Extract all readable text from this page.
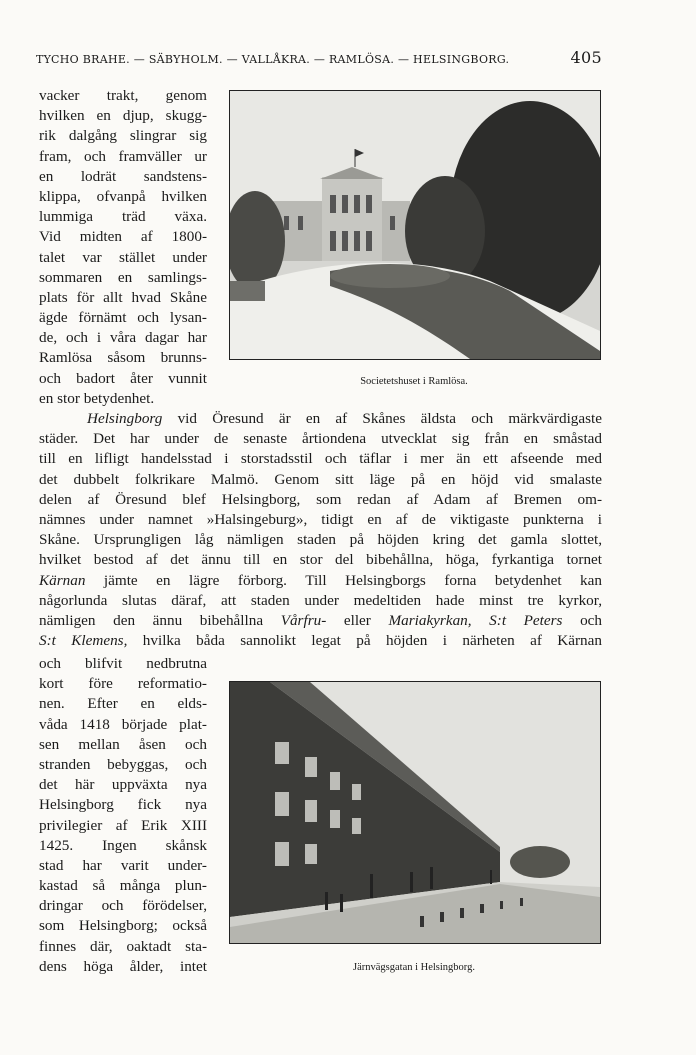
TYCHO BRAHE. — SÄBYHOLM. — VALLÅKRA. — RAMLÖSA. — HELSINGBORG.	405
Societetshuset i Ramlösa.
vacker trakt, genom
hvilken en djup, skugg-
rik dalgång slingrar sig
fram, och framväller ur
en lodrät sandstens-
klippa, ofvanpå hvilken
lummiga träd växa.
Vid midten af 1800-
talet var stället under
sommaren en samlings-
plats för allt hvad Skåne
ägde förnämt och lysan-
de, och i våra dagar har
Ramlösa såsom brunns-
och badort åter vunnit
en stor betydenhet.
Helsingborg vid Öresund är en af Skånes äldsta och märkvärdigaste
städer. Det har under de senaste årtiondena utvecklat sig från en småstad
till en lifligt handelsstad i storstadsstil och täflar i mer än ett afseende med
det dubbelt folkrikare Malmö. Genom sitt läge på en höjd vid smalaste
delen af Öresund blef Helsingborg, som redan af Adam af Bremen om-
nämnes under namnet »Halsingeburg», tidigt en af de viktigaste punkterna i
Skåne. Ursprungligen låg nämligen staden på höjden kring det gamla slottet,
hvilket bestod af det ännu till en stor del bibehållna, höga, fyrkantiga tornet
Kärnan jämte en lägre förborg. Till Helsingborgs forna betydenhet kan
någorlunda slutas däraf, att staden under medeltiden hade minst tre kyrkor,
nämligen den ännu bibehållna Vårfru- eller Mariakyrkan, S:t Peters och
S:t Klemens, hvilka båda sannolikt legat på höjden i närheten af Kärnan
Järnvägsgatan i Helsingborg.
och blifvit nedbrutna
kort före reformatio-
nen. Efter en elds-
våda 1418 började plat-
sen mellan åsen och
stranden bebyggas, och
det här uppväxta nya
Helsingborg fick nya
privilegier af Erik XIII
1425. Ingen skånsk
stad har varit under-
kastad så många plun-
dringar och förödelser,
som Helsingborg; också
finnes där, oaktadt sta-
dens höga ålder, intet
